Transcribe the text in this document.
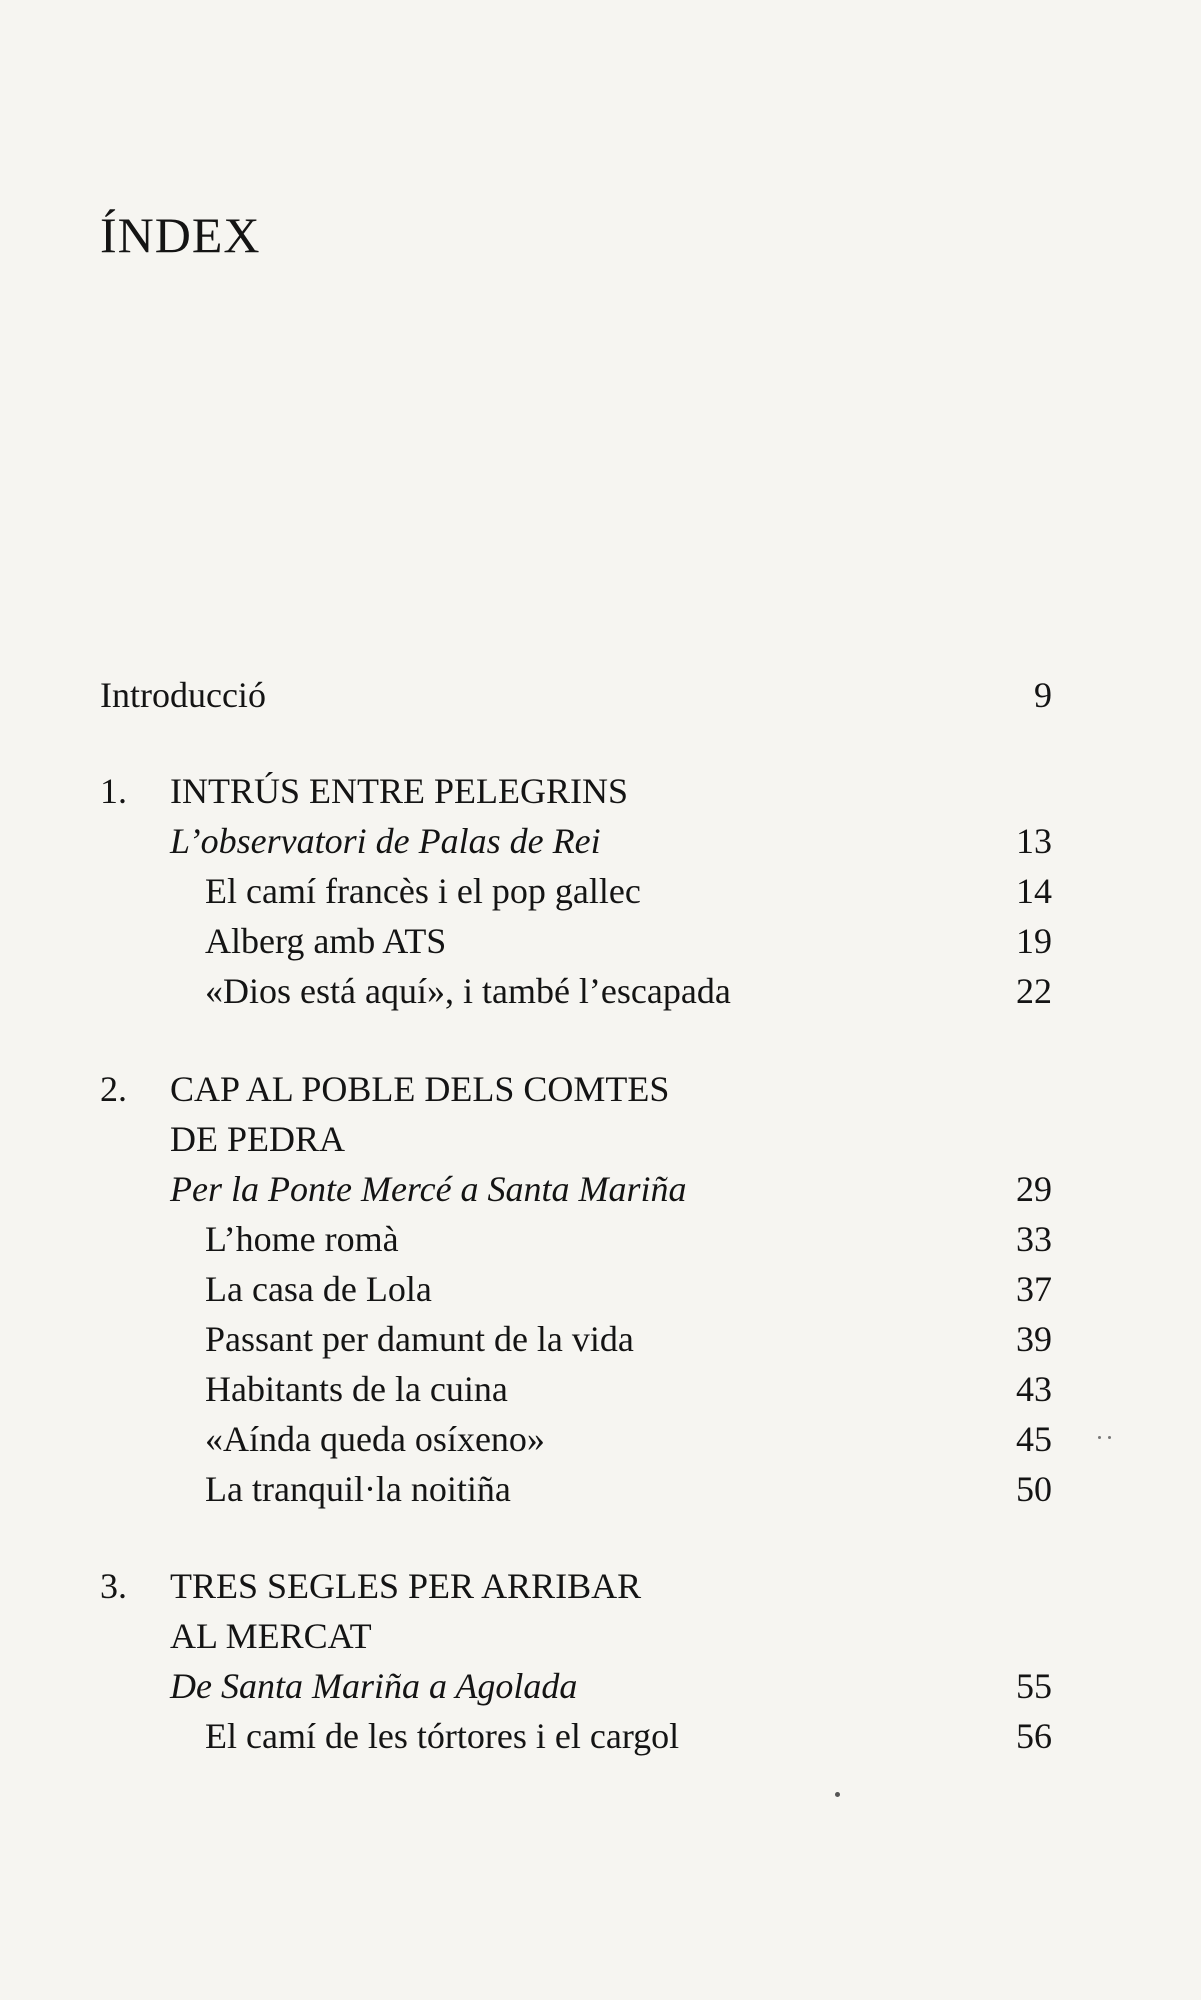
ÍNDEX
Introducció	9
1. INTRÚS ENTRE PELEGRINS
L’observatori de Palas de Rei	13
El camí francès i el pop gallec	14
Alberg amb ATS	19
«Dios está aquí», i també l’escapada	22
2. CAP AL POBLE DELS COMTES
DE PEDRA
Per la Ponte Mercé a Santa Mariña	29
L’home romà	33
La casa de Lola	37
Passant per damunt de la vida	39
Habitants de la cuina	43
«Aínda queda osíxeno»	45
La tranquil·la noitiña	50
3. TRES SEGLES PER ARRIBAR
AL MERCAT
De Santa Mariña a Agolada	55
El camí de les tórtores i el cargol	56
